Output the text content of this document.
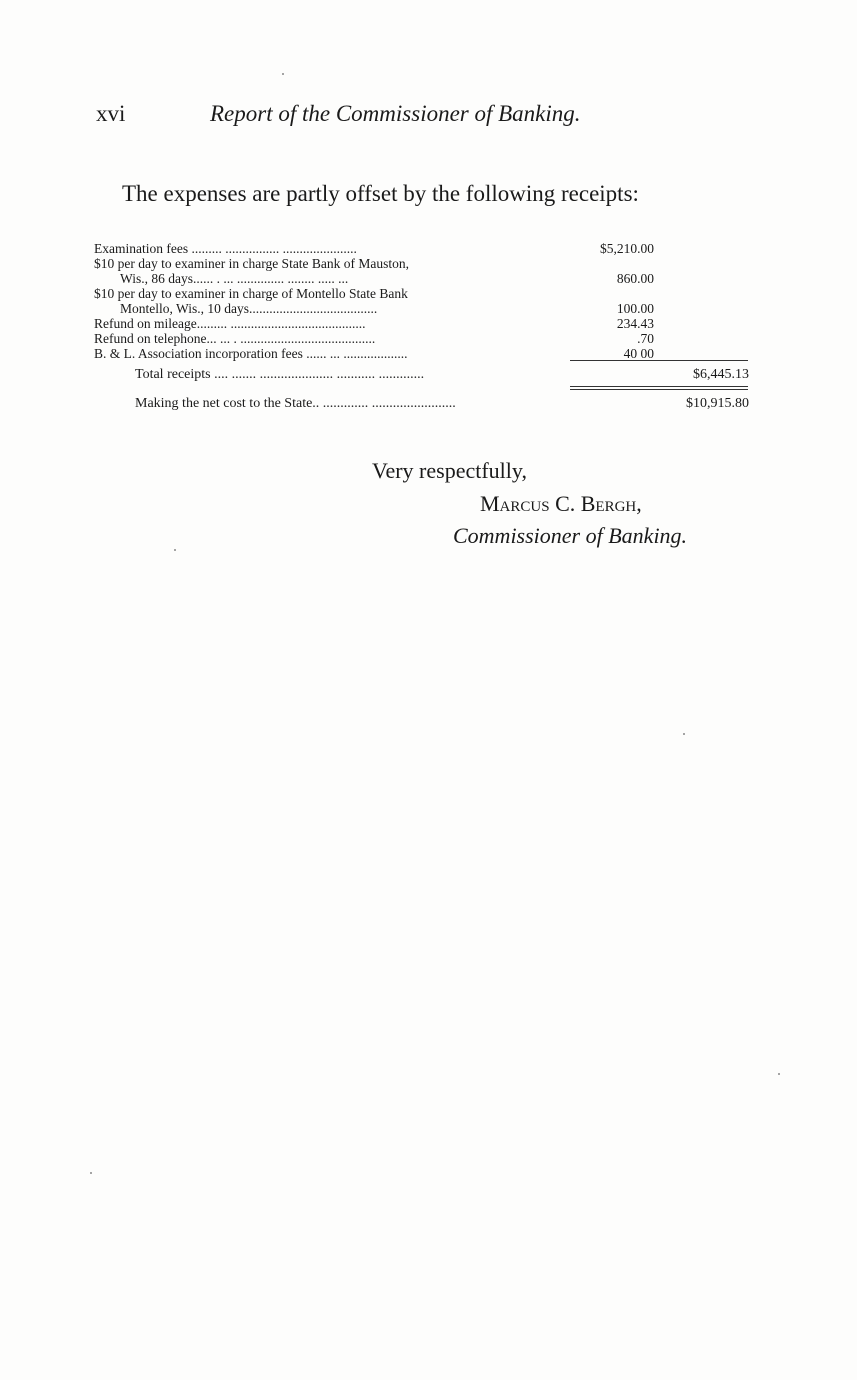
xvi	Report of the Commissioner of Banking.

The expenses are partly offset by the following receipts:

Examination fees ......... ................ ......................	$5,210.00
$10 per day to examiner in charge State Bank of Mauston,
Wis., 86 days...... . ... .............. ........ ..... ...	860.00
$10 per day to examiner in charge of Montello State Bank
Montello, Wis., 10 days......................................	100.00
Refund on mileage......... ........................................	234.43
Refund on telephone... ... . ........................................	.70
B. & L. Association incorporation fees ...... ... ...................	40 00
Total receipts .... ....... ..................... ........... .............	$6,445.13
Making the net cost to the State.. ............. ........................	$10,915.80
Very respectfully,
Marcus C. Bergh,
Commissioner of Banking.
